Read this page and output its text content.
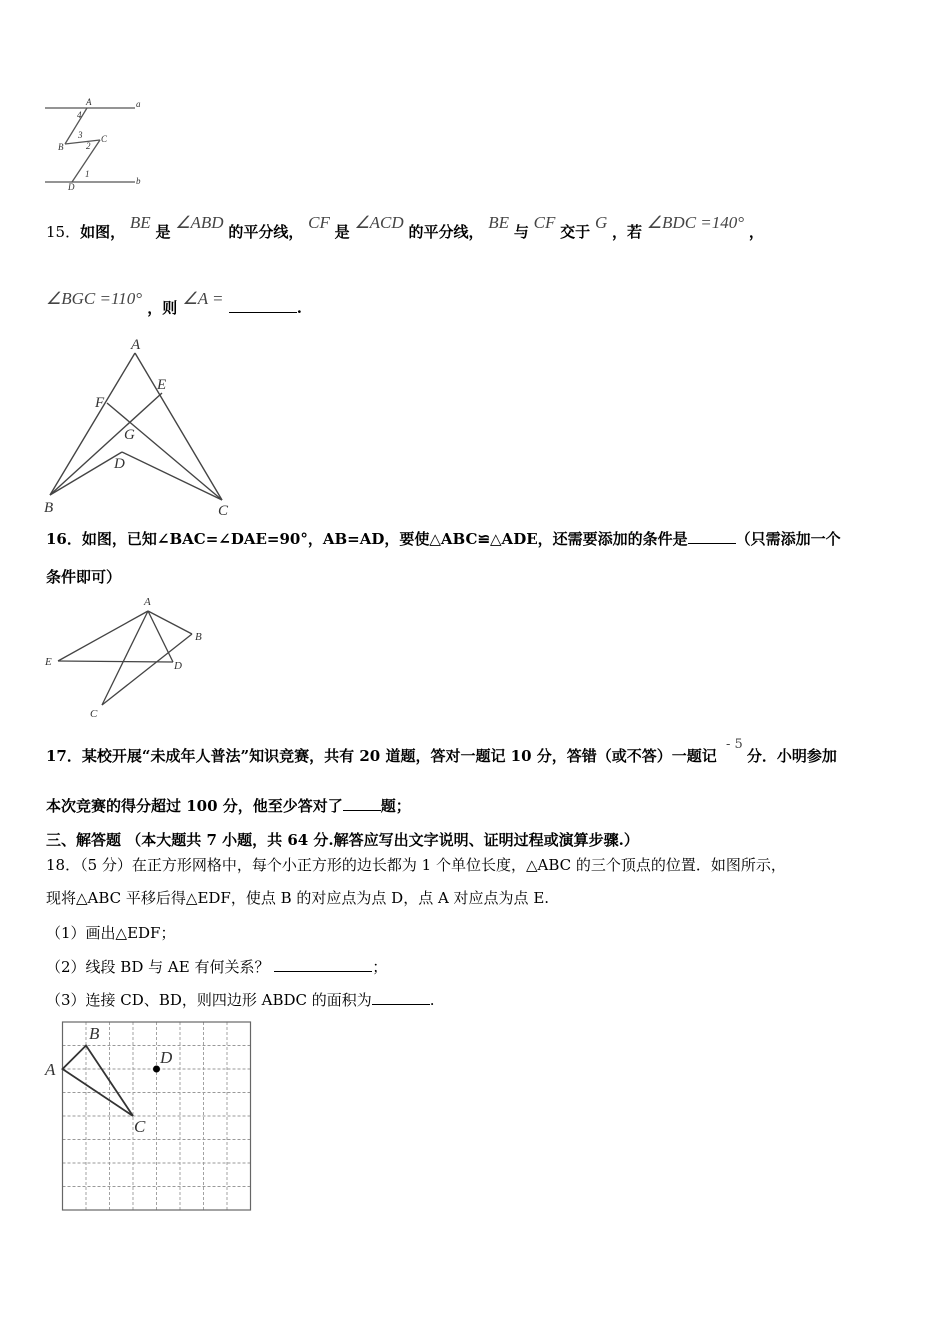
A	a
4
3 C
B	2
D
1
b
15．如图， BE 是 ∠ABD 的平分线， CF 是 ∠ACD 的平分线， BE 与 CF 交于 G ，若 ∠BDC =140° ，
∠BGC =110° ，则 ∠A =	.
A
E
F
G
D
B	C
16．如图，已知∠BAC=∠DAE=90°，AB=AD，要使△ABC≌△ADE，还需要添加的条件是	（只需添加一个
条件即可）
A
B
E	D
C
17．某校开展“未成年人普法”知识竞赛，共有 20 道题，答对一题记 10 分，答错（或不答）一题记 - 5分．小明参加
本次竞赛的得分超过 100 分，他至少答对了	题；
三、解答题 （本大题共 7 小题，共 64 分.解答应写出文字说明、证明过程或演算步骤.）
18．（5 分）在正方形网格中，每个小正方形的边长都为 1 个单位长度，△ABC 的三个顶点的位置．如图所示，
现将△ABC 平移后得△EDF，使点 B 的对应点为点 D，点 A 对应点为点 E.
（1）画出△EDF；
（2）线段 BD 与 AE 有何关系？	；
（3）连接 CD、BD，则四边形 ABDC 的面积为	.
A
B
C
D
